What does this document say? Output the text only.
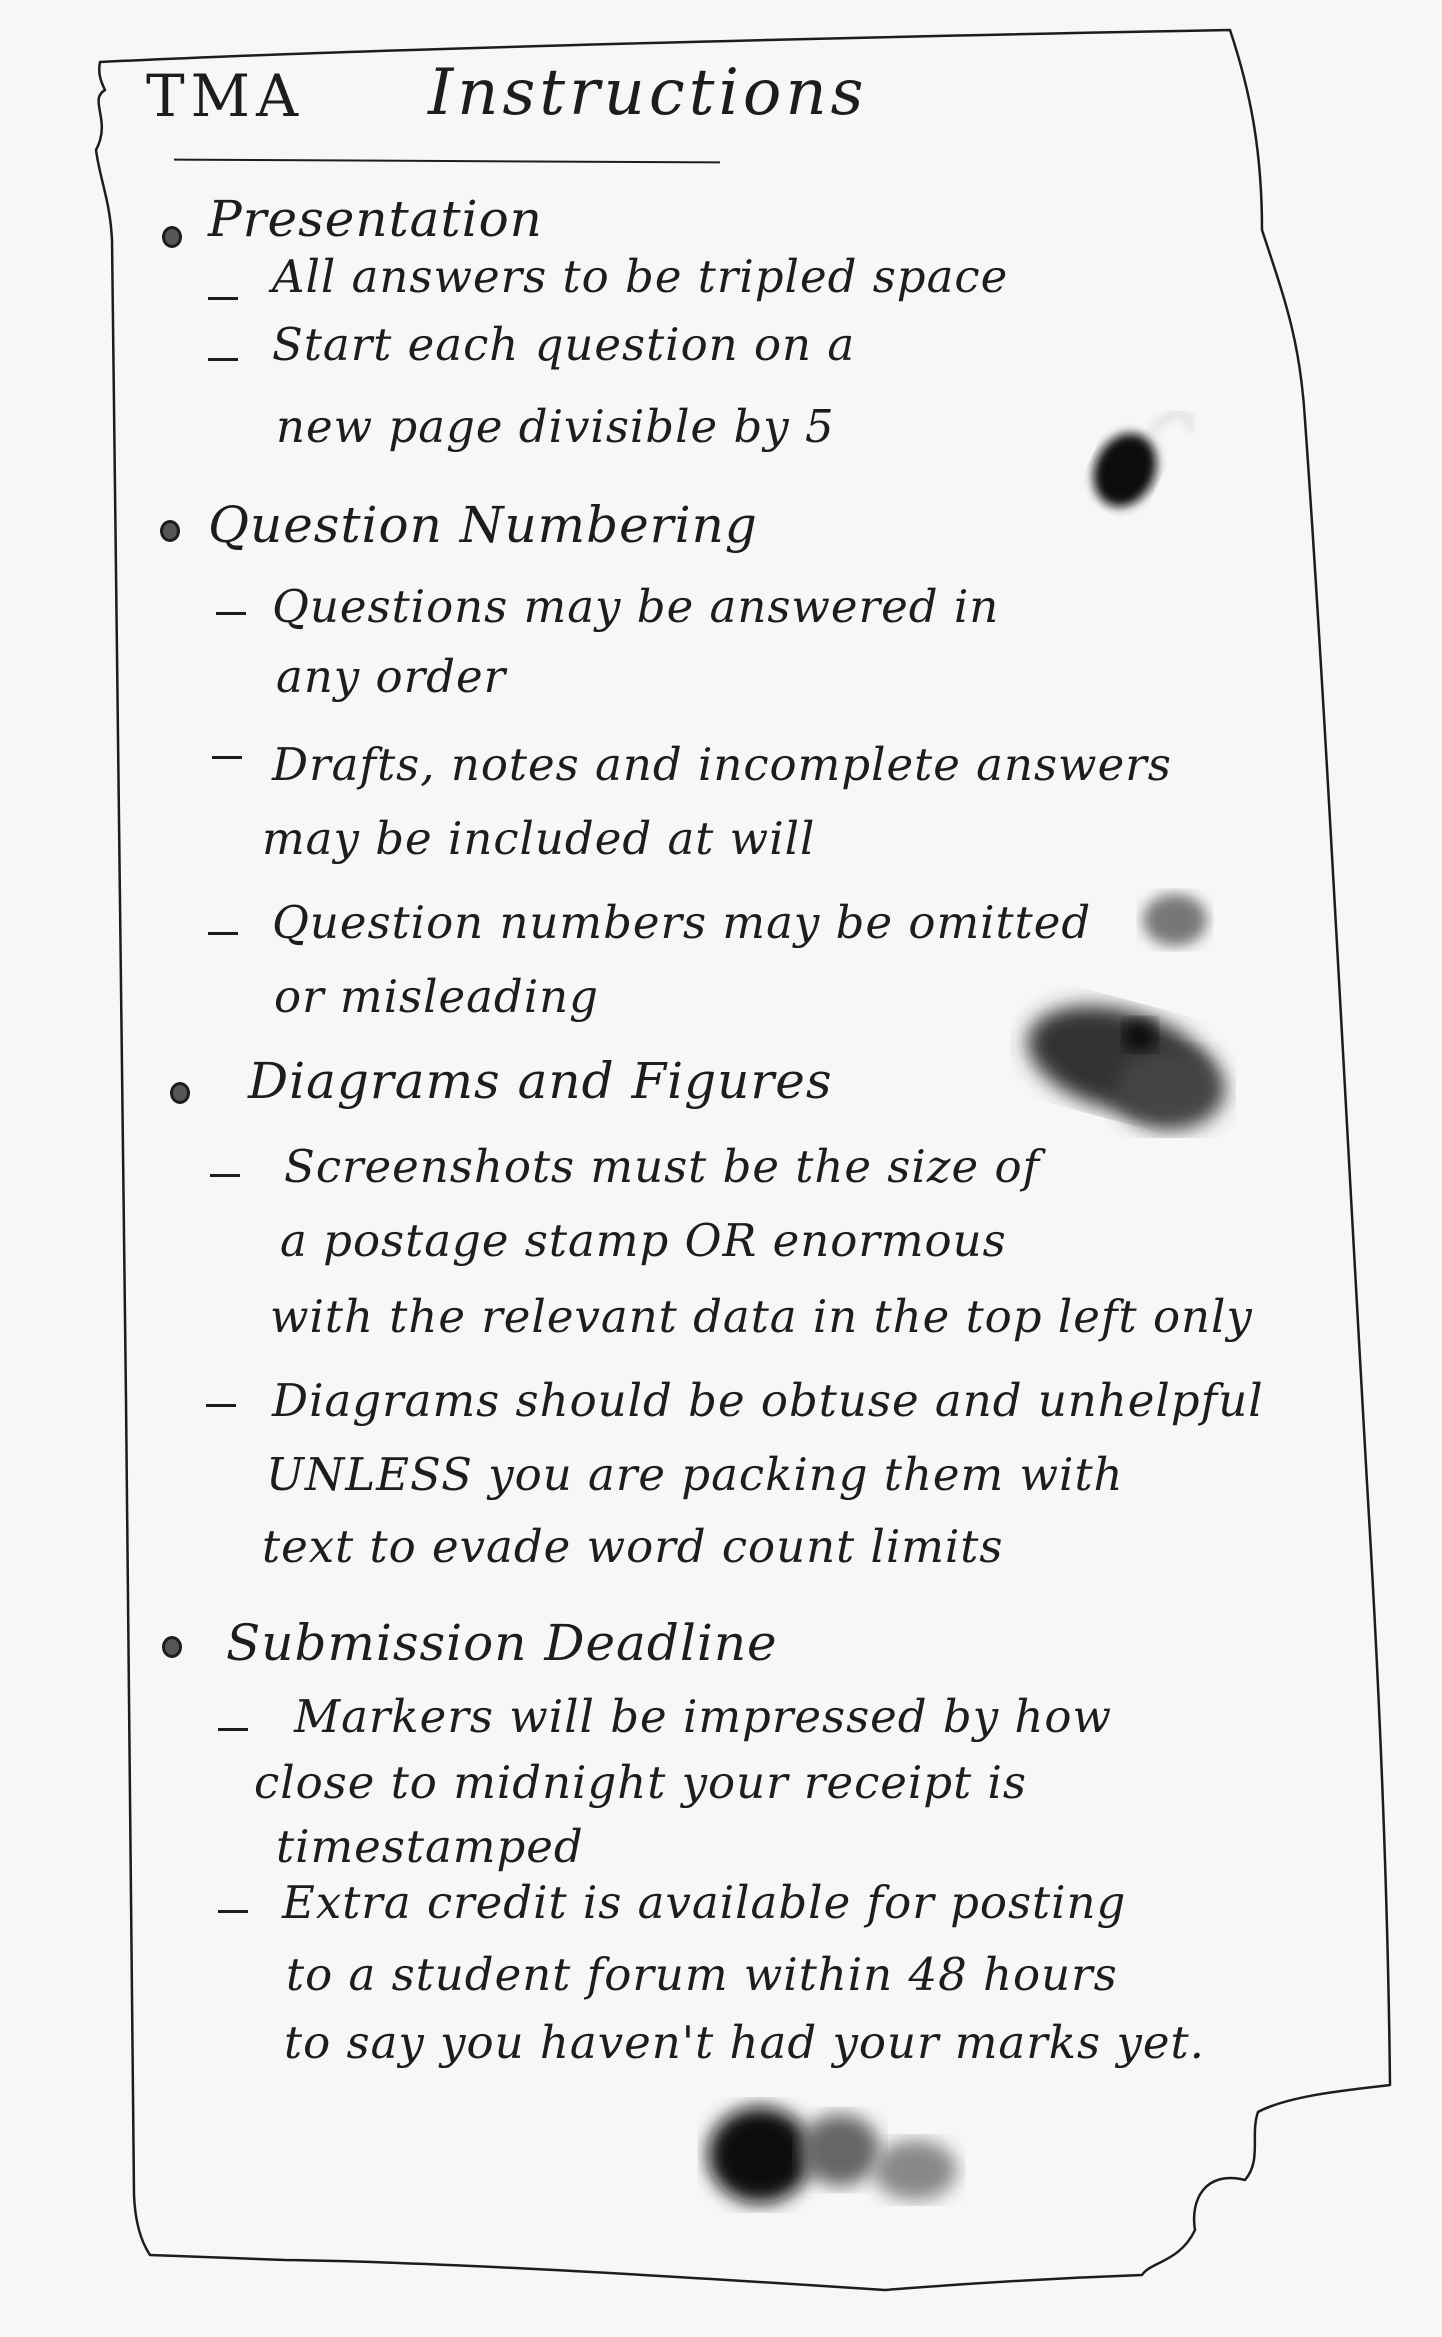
TMA Instructions
Presentation
All answers to be tripled space
Start each question on a
new page divisible by 5
Question Numbering
Questions may be answered in
any order
Drafts, notes and incomplete answers
may be included at will
Question numbers may be omitted
or misleading
Diagrams and Figures
Screenshots must be the size of
a postage stamp OR enormous
with the relevant data in the top left only
Diagrams should be obtuse and unhelpful
UNLESS you are packing them with
text to evade word count limits
Submission Deadline
Markers will be impressed by how
close to midnight your receipt is
timestamped
Extra credit is available for posting
to a student forum within 48 hours
to say you haven't had your marks yet.
